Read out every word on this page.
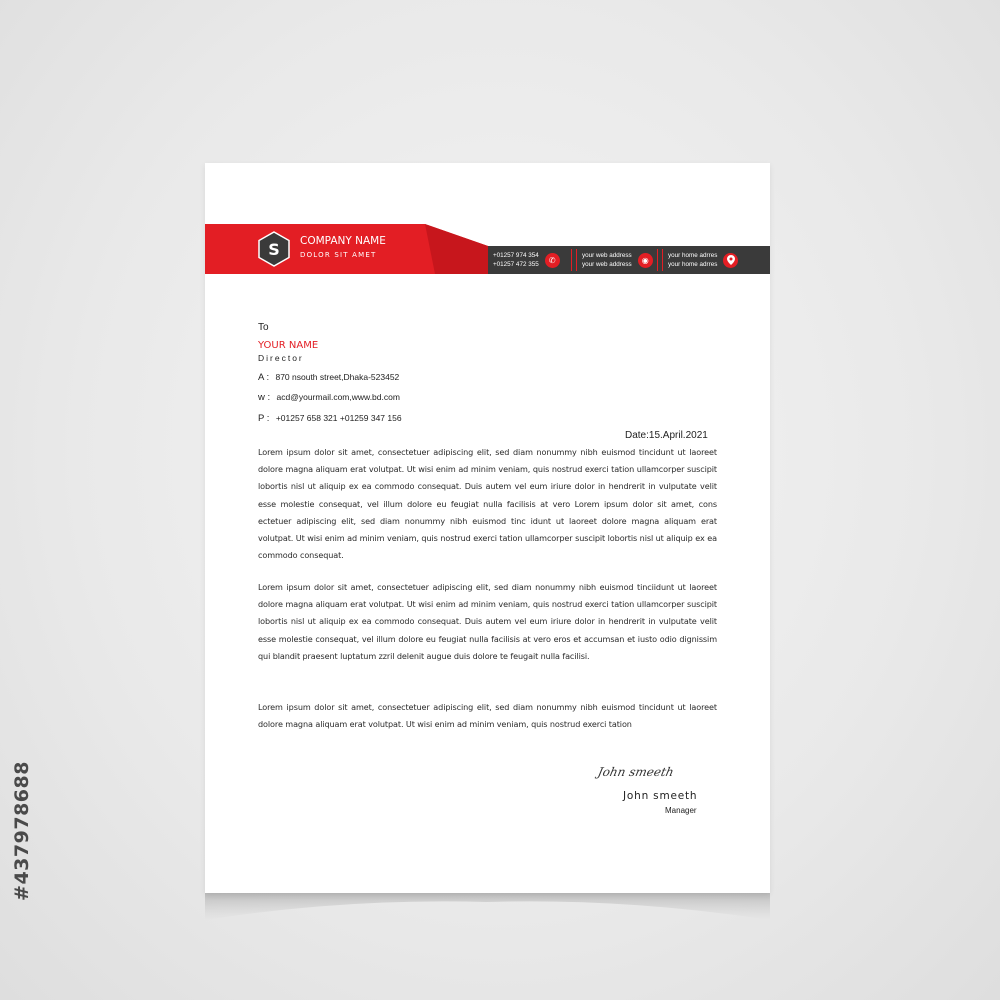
#437978688
+01257 974 354
+01257 472 355	✆	your web address
your web address	◉	your home adrres
your home adrres
S COMPANY NAME
DOLOR SIT AMET
To
YOUR NAME
Director
A : 870 nsouth street,Dhaka-523452
w : acd@yourmail.com,www.bd.com
P : +01257 658 321 +01259 347 156
Date:15.April.2021

Lorem ipsum dolor sit amet, consectetuer adipiscing elit, sed diam nonummy nibh euismod tincidunt ut laoreet dolore magna aliquam erat volutpat. Ut wisi enim ad minim veniam, quis nostrud exerci tation ullamcorper suscipit lobortis nisl ut aliquip ex ea commodo consequat. Duis autem vel eum iriure dolor in hendrerit in vulputate velit esse molestie consequat, vel illum dolore eu feugiat nulla facilisis at vero Lorem ipsum dolor sit amet, cons ectetuer adipiscing elit, sed diam nonummy nibh euismod tinc idunt ut laoreet dolore magna aliquam erat volutpat. Ut wisi enim ad minim veniam, quis nostrud exerci tation ullamcorper suscipit lobortis nisl ut aliquip ex ea commodo consequat.

Lorem ipsum dolor sit amet, consectetuer adipiscing elit, sed diam nonummy nibh euismod tinciidunt ut laoreet dolore magna aliquam erat volutpat. Ut wisi enim ad minim veniam, quis nostrud exerci tation ullamcorper suscipit lobortis nisl ut aliquip ex ea commodo consequat. Duis autem vel eum iriure dolor in hendrerit in vulputate velit esse molestie consequat, vel illum dolore eu feugiat nulla facilisis at vero eros et accumsan et iusto odio dignissim qui blandit praesent luptatum zzril delenit augue duis dolore te feugait nulla facilisi.

Lorem ipsum dolor sit amet, consectetuer adipiscing elit, sed diam nonummy nibh euismod tincidunt ut laoreet dolore magna aliquam erat volutpat. Ut wisi enim ad minim veniam, quis nostrud exerci tation

John smeeth
John smeeth
Manager
